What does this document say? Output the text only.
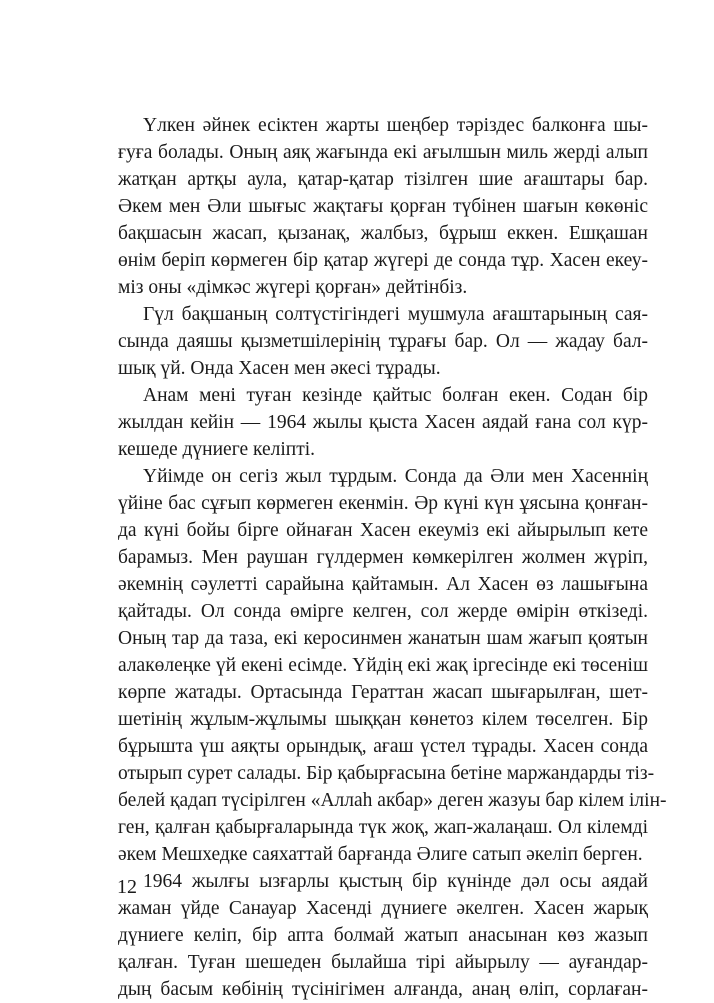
Үлкен әйнек есіктен жарты шеңбер тәріздес балконға шы-
ғуға болады. Оның аяқ жағында екі ағылшын миль жерді алып
жатқан артқы аула, қатар-қатар тізілген шие ағаштары бар.
Әкем мен Әли шығыс жақтағы қорған түбінен шағын көкөніс
бақшасын жасап, қызанақ, жалбыз, бұрыш еккен. Ешқашан
өнім беріп көрмеген бір қатар жүгері де сонда тұр. Хасен екеу-
міз оны «дімкәс жүгері қорған» дейтінбіз.
Гүл бақшаның солтүстігіндегі мушмула ағаштарының сая-
сында даяшы қызметшілерінің тұрағы бар. Ол — жадау бал-
шық үй. Онда Хасен мен әкесі тұрады.
Анам мені туған кезінде қайтыс болған екен. Содан бір
жылдан кейін — 1964 жылы қыста Хасен аядай ғана сол күр-
кешеде дүниеге келіпті.
Үйімде он сегіз жыл тұрдым. Сонда да Әли мен Хасеннің
үйіне бас сұғып көрмеген екенмін. Әр күні күн ұясына қонған-
да күні бойы бірге ойнаған Хасен екеуміз екі айырылып кете
барамыз. Мен раушан гүлдермен көмкерілген жолмен жүріп,
әкемнің сәулетті сарайына қайтамын. Ал Хасен өз лашығына
қайтады. Ол сонда өмірге келген, сол жерде өмірін өткізеді.
Оның тар да таза, екі керосинмен жанатын шам жағып қоятын
алакөлеңке үй екені есімде. Үйдің екі жақ іргесінде екі төсеніш
көрпе жатады. Ортасында Гераттан жасап шығарылған, шет-
шетінің жұлым-жұлымы шыққан көнетоз кілем төселген. Бір
бұрышта үш аяқты орындық, ағаш үстел тұрады. Хасен сонда
отырып сурет салады. Бір қабырғасына бетіне маржандарды тіз-
белей қадап түсірілген «Аллаһ акбар» деген жазуы бар кілем ілін-
ген, қалған қабырғаларында түк жоқ, жап-жалаңаш. Ол кілемді
әкем Мешхедке саяхаттай барғанда Әлиге сатып әкеліп берген.
1964 жылғы ызғарлы қыстың бір күнінде дәл осы аядай
жаман үйде Санауар Хасенді дүниеге әкелген. Хасен жарық
дүниеге келіп, бір апта болмай жатып анасынан көз жазып
қалған. Туған шешеден былайша тірі айырылу — ауғандар-
дың басым көбінің түсінігімен алғанда, анаң өліп, сорлаған-
12
